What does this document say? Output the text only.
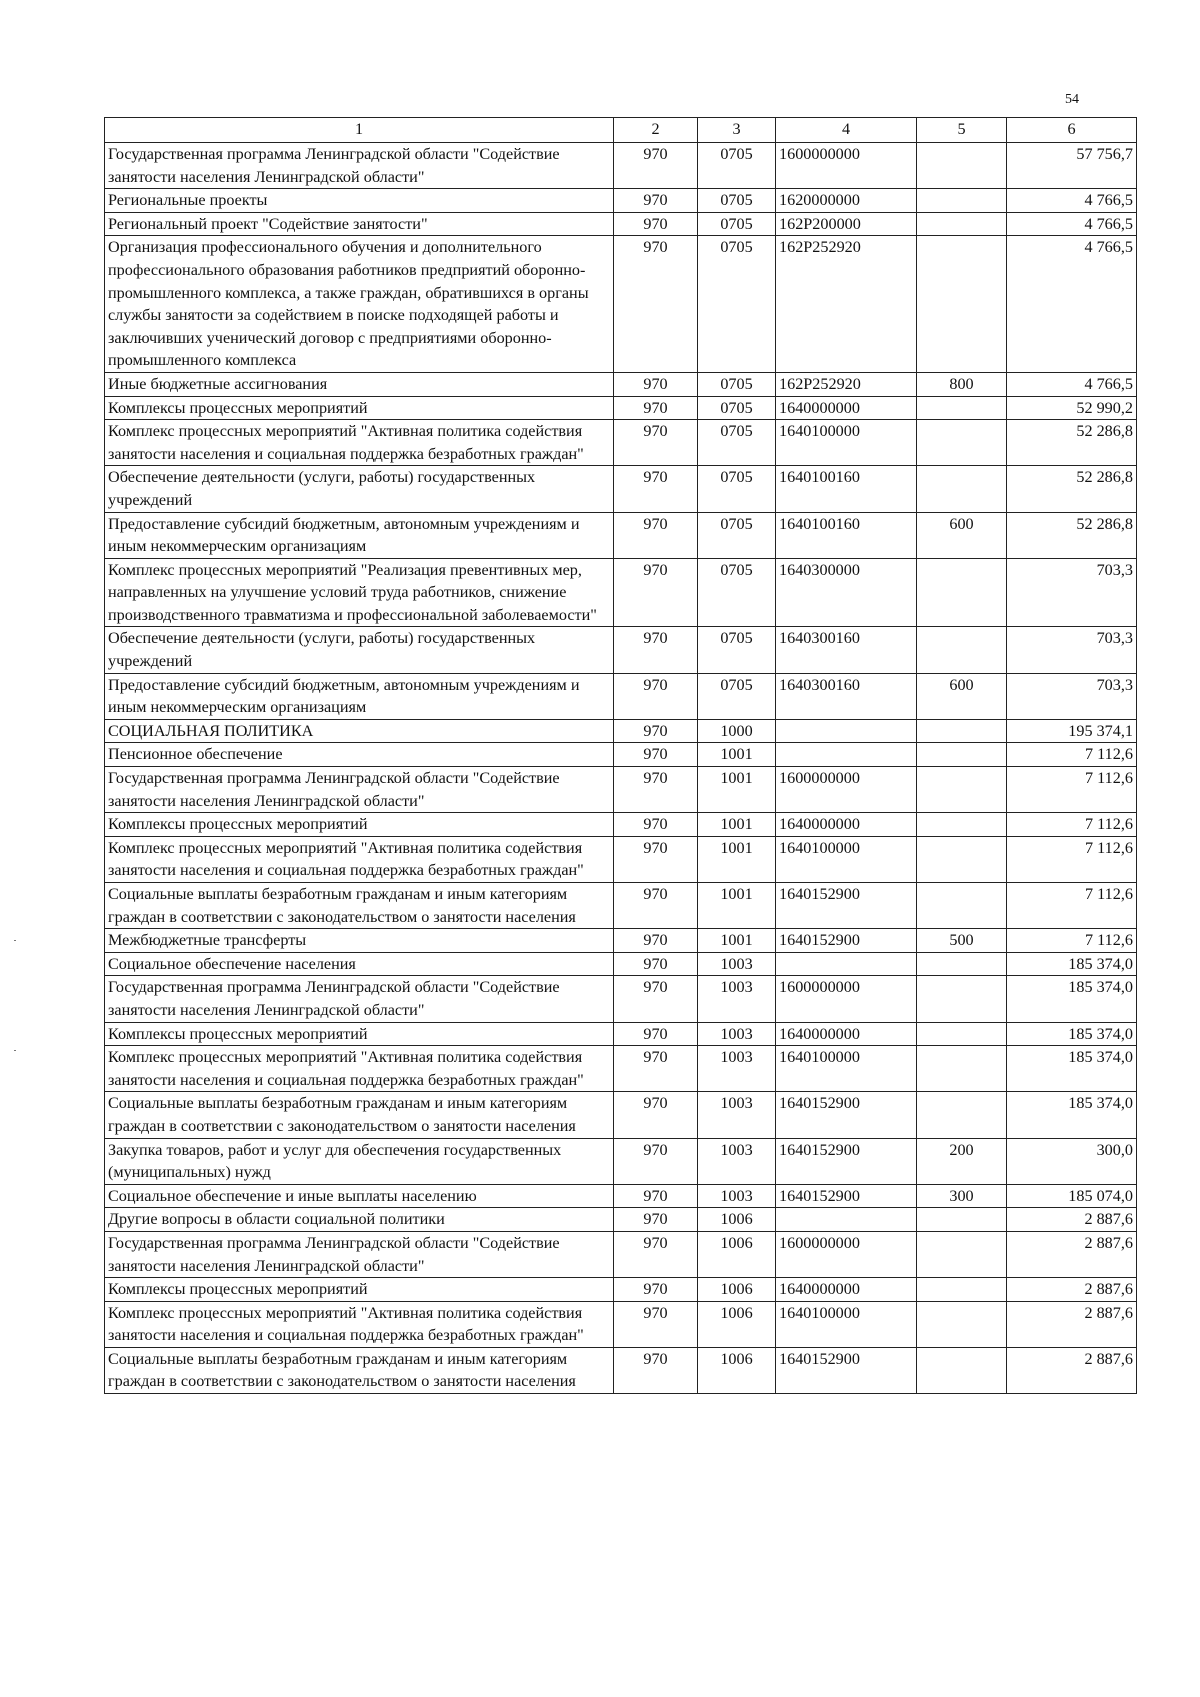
54
1	2	3	4	5	6
Государственная программа Ленинградской области "Содействие занятости населения Ленинградской области"	970	0705	1600000000		57 756,7
Региональные проекты	970	0705	1620000000		4 766,5
Региональный проект "Содействие занятости"	970	0705	162P200000		4 766,5
Организация профессионального обучения и дополнительного профессионального образования работников предприятий оборонно-промышленного комплекса, а также граждан, обратившихся в органы службы занятости за содействием в поиске подходящей работы и заключивших ученический договор с предприятиями оборонно-промышленного комплекса	970	0705	162P252920		4 766,5
Иные бюджетные ассигнования	970	0705	162P252920	800	4 766,5
Комплексы процессных мероприятий	970	0705	1640000000		52 990,2
Комплекс процессных мероприятий "Активная политика содействия занятости населения и социальная поддержка безработных граждан"	970	0705	1640100000		52 286,8
Обеспечение деятельности (услуги, работы) государственных учреждений	970	0705	1640100160		52 286,8
Предоставление субсидий бюджетным, автономным учреждениям и иным некоммерческим организациям	970	0705	1640100160	600	52 286,8
Комплекс процессных мероприятий "Реализация превентивных мер, направленных на улучшение условий труда работников, снижение производственного травматизма и профессиональной заболеваемости"	970	0705	1640300000		703,3
Обеспечение деятельности (услуги, работы) государственных учреждений	970	0705	1640300160		703,3
Предоставление субсидий бюджетным, автономным учреждениям и иным некоммерческим организациям	970	0705	1640300160	600	703,3
СОЦИАЛЬНАЯ ПОЛИТИКА	970	1000			195 374,1
Пенсионное обеспечение	970	1001			7 112,6
Государственная программа Ленинградской области "Содействие занятости населения Ленинградской области"	970	1001	1600000000		7 112,6
Комплексы процессных мероприятий	970	1001	1640000000		7 112,6
Комплекс процессных мероприятий "Активная политика содействия занятости населения и социальная поддержка безработных граждан"	970	1001	1640100000		7 112,6
Социальные выплаты безработным гражданам и иным категориям граждан в соответствии с законодательством о занятости населения	970	1001	1640152900		7 112,6
Межбюджетные трансферты	970	1001	1640152900	500	7 112,6
Социальное обеспечение населения	970	1003			185 374,0
Государственная программа Ленинградской области "Содействие занятости населения Ленинградской области"	970	1003	1600000000		185 374,0
Комплексы процессных мероприятий	970	1003	1640000000		185 374,0
Комплекс процессных мероприятий "Активная политика содействия занятости населения и социальная поддержка безработных граждан"	970	1003	1640100000		185 374,0
Социальные выплаты безработным гражданам и иным категориям граждан в соответствии с законодательством о занятости населения	970	1003	1640152900		185 374,0
Закупка товаров, работ и услуг для обеспечения государственных (муниципальных) нужд	970	1003	1640152900	200	300,0
Социальное обеспечение и иные выплаты населению	970	1003	1640152900	300	185 074,0
Другие вопросы в области социальной политики	970	1006			2 887,6
Государственная программа Ленинградской области "Содействие занятости населения Ленинградской области"	970	1006	1600000000		2 887,6
Комплексы процессных мероприятий	970	1006	1640000000		2 887,6
Комплекс процессных мероприятий "Активная политика содействия занятости населения и социальная поддержка безработных граждан"	970	1006	1640100000		2 887,6
Социальные выплаты безработным гражданам и иным категориям граждан в соответствии с законодательством о занятости населения	970	1006	1640152900		2 887,6
